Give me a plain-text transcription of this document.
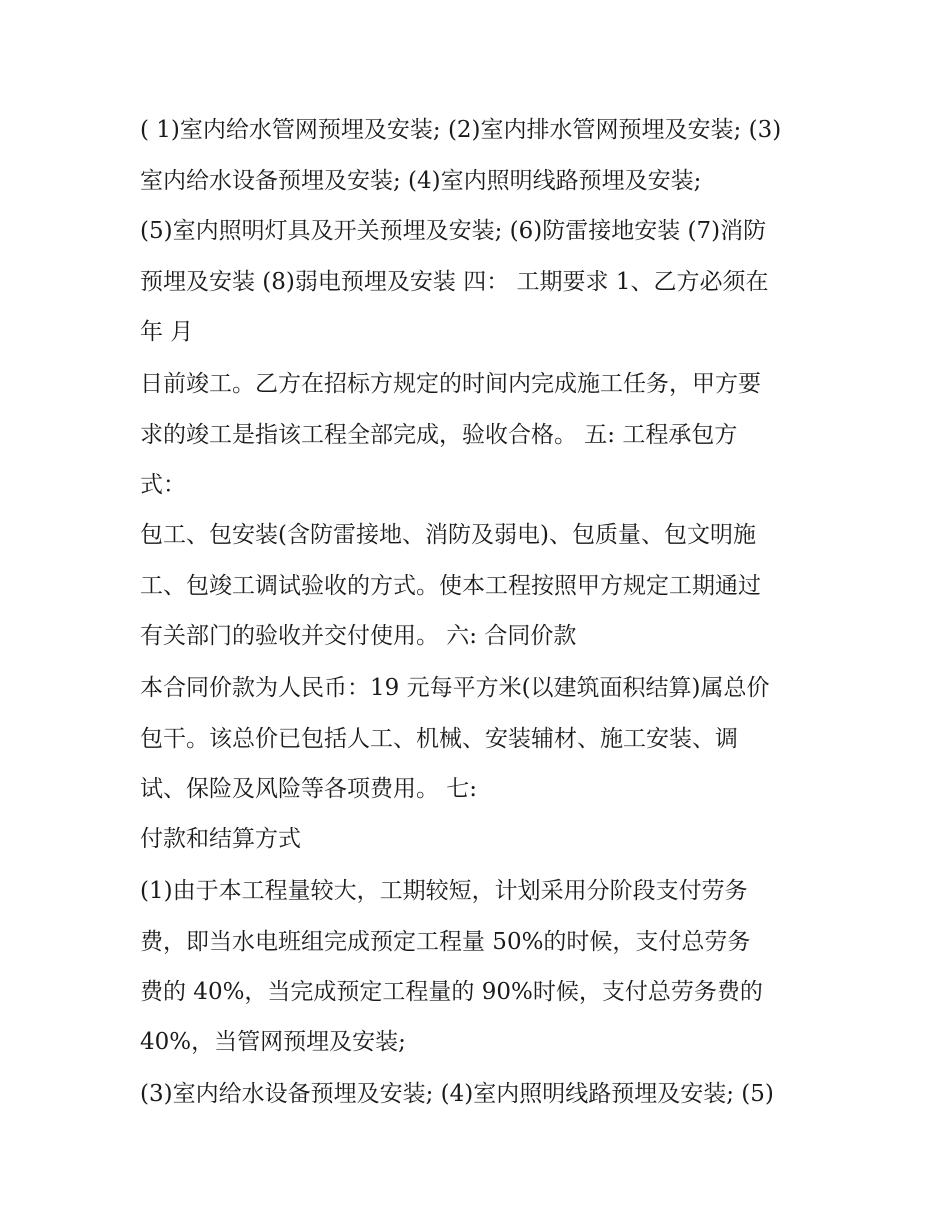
( 1)室内给水管网预埋及安装; (2)室内排水管网预埋及安装; (3)
室内给水设备预埋及安装; (4)室内照明线路预埋及安装;
(5)室内照明灯具及开关预埋及安装; (6)防雷接地安装 (7)消防
预埋及安装 (8)弱电预埋及安装 四： 工期要求 1、乙方必须在
年 月
日前竣工。乙方在招标方规定的时间内完成施工任务，甲方要
求的竣工是指该工程全部完成，验收合格。 五: 工程承包方
式：
包工、包安装(含防雷接地、消防及弱电)、包质量、包文明施
工、包竣工调试验收的方式。使本工程按照甲方规定工期通过
有关部门的验收并交付使用。 六: 合同价款
本合同价款为人民币：19 元每平方米(以建筑面积结算)属总价
包干。该总价已包括人工、机械、安装辅材、施工安装、调
试、保险及风险等各项费用。 七:
付款和结算方式
(1)由于本工程量较大，工期较短，计划采用分阶段支付劳务
费，即当水电班组完成预定工程量 50%的时候，支付总劳务
费的 40%，当完成预定工程量的 90%时候，支付总劳务费的
40%，当管网预埋及安装;
(3)室内给水设备预埋及安装; (4)室内照明线路预埋及安装; (5)
